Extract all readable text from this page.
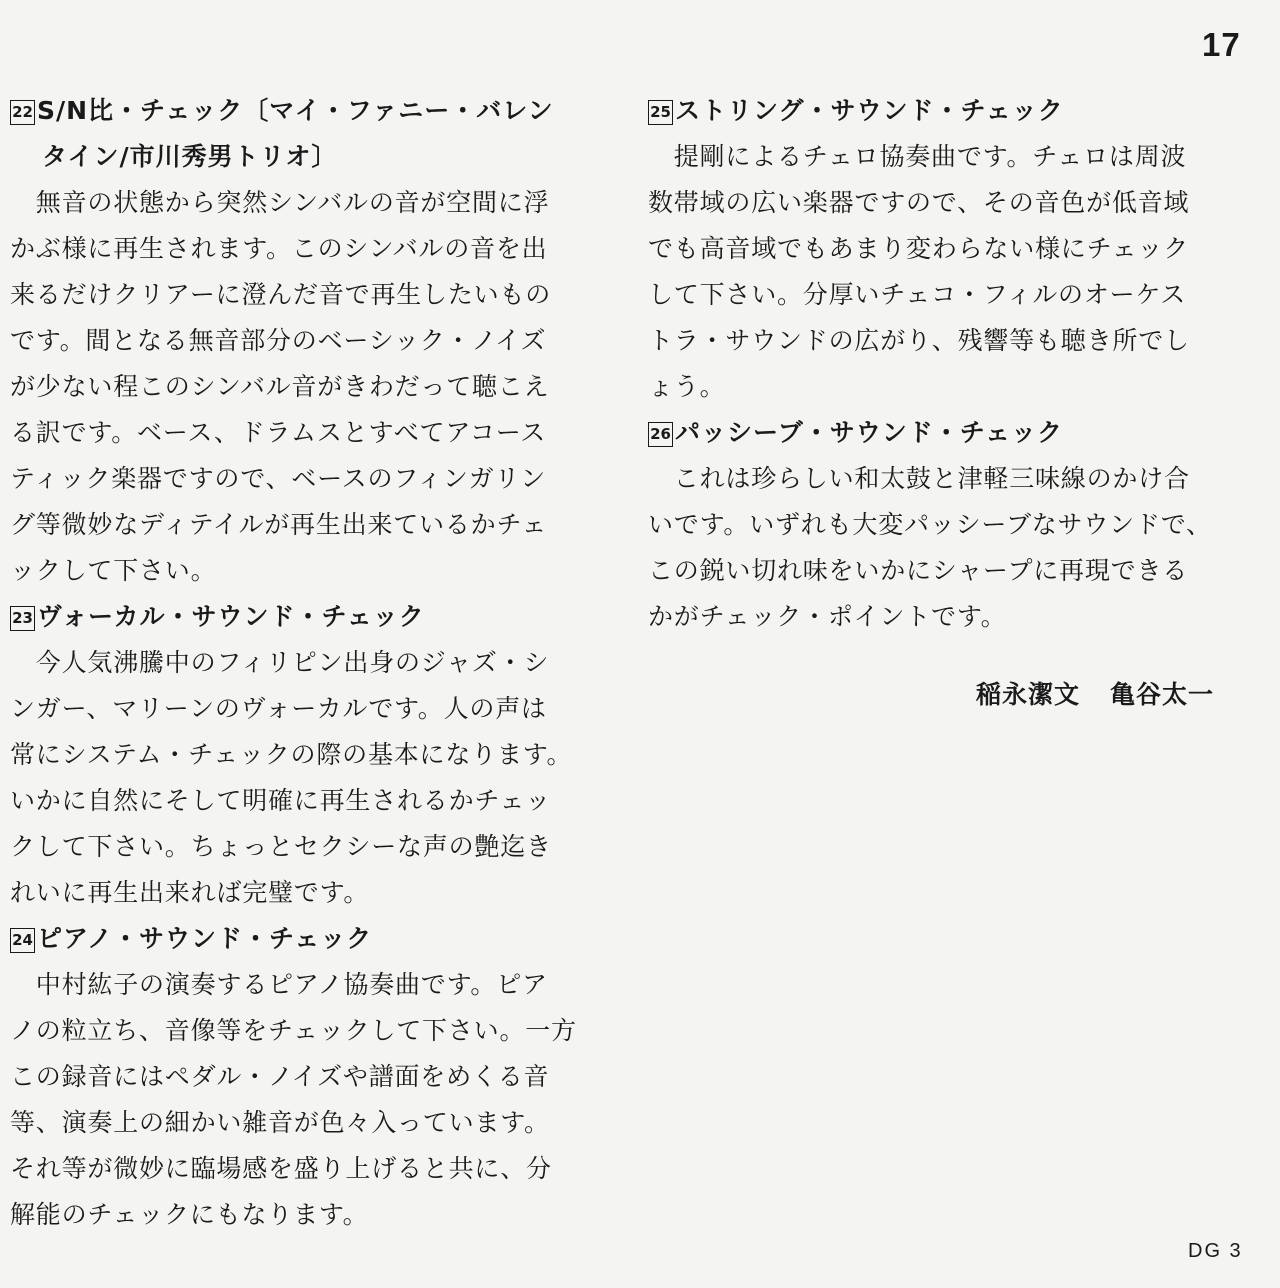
17
22 S/N比・チェック〔マイ・ファニー・バレン
タイン/市川秀男トリオ〕
　無音の状態から突然シンバルの音が空間に浮
かぶ様に再生されます。このシンバルの音を出
来るだけクリアーに澄んだ音で再生したいもの
です。間となる無音部分のベーシック・ノイズ
が少ない程このシンバル音がきわだって聴こえ
る訳です。ベース、ドラムスとすべてアコース
ティック楽器ですので、ベースのフィンガリン
グ等微妙なディテイルが再生出来ているかチェ
ックして下さい。
23 ヴォーカル・サウンド・チェック
　今人気沸騰中のフィリピン出身のジャズ・シ
ンガー、マリーンのヴォーカルです。人の声は
常にシステム・チェックの際の基本になります。
いかに自然にそして明確に再生されるかチェッ
クして下さい。ちょっとセクシーな声の艶迄き
れいに再生出来れば完璧です。
24 ピアノ・サウンド・チェック
　中村紘子の演奏するピアノ協奏曲です。ピア
ノの粒立ち、音像等をチェックして下さい。一方
この録音にはペダル・ノイズや譜面をめくる音
等、演奏上の細かい雑音が色々入っています。
それ等が微妙に臨場感を盛り上げると共に、分
解能のチェックにもなります。
25 ストリング・サウンド・チェック
　提剛によるチェロ協奏曲です。チェロは周波
数帯域の広い楽器ですので、その音色が低音域
でも高音域でもあまり変わらない様にチェック
して下さい。分厚いチェコ・フィルのオーケス
トラ・サウンドの広がり、残響等も聴き所でし
ょう。
26 パッシーブ・サウンド・チェック
　これは珍らしい和太鼓と津軽三味線のかけ合
いです。いずれも大変パッシーブなサウンドで、
この鋭い切れ味をいかにシャープに再現できる
かがチェック・ポイントです。
稲永潔文 亀谷太一
DG 3
